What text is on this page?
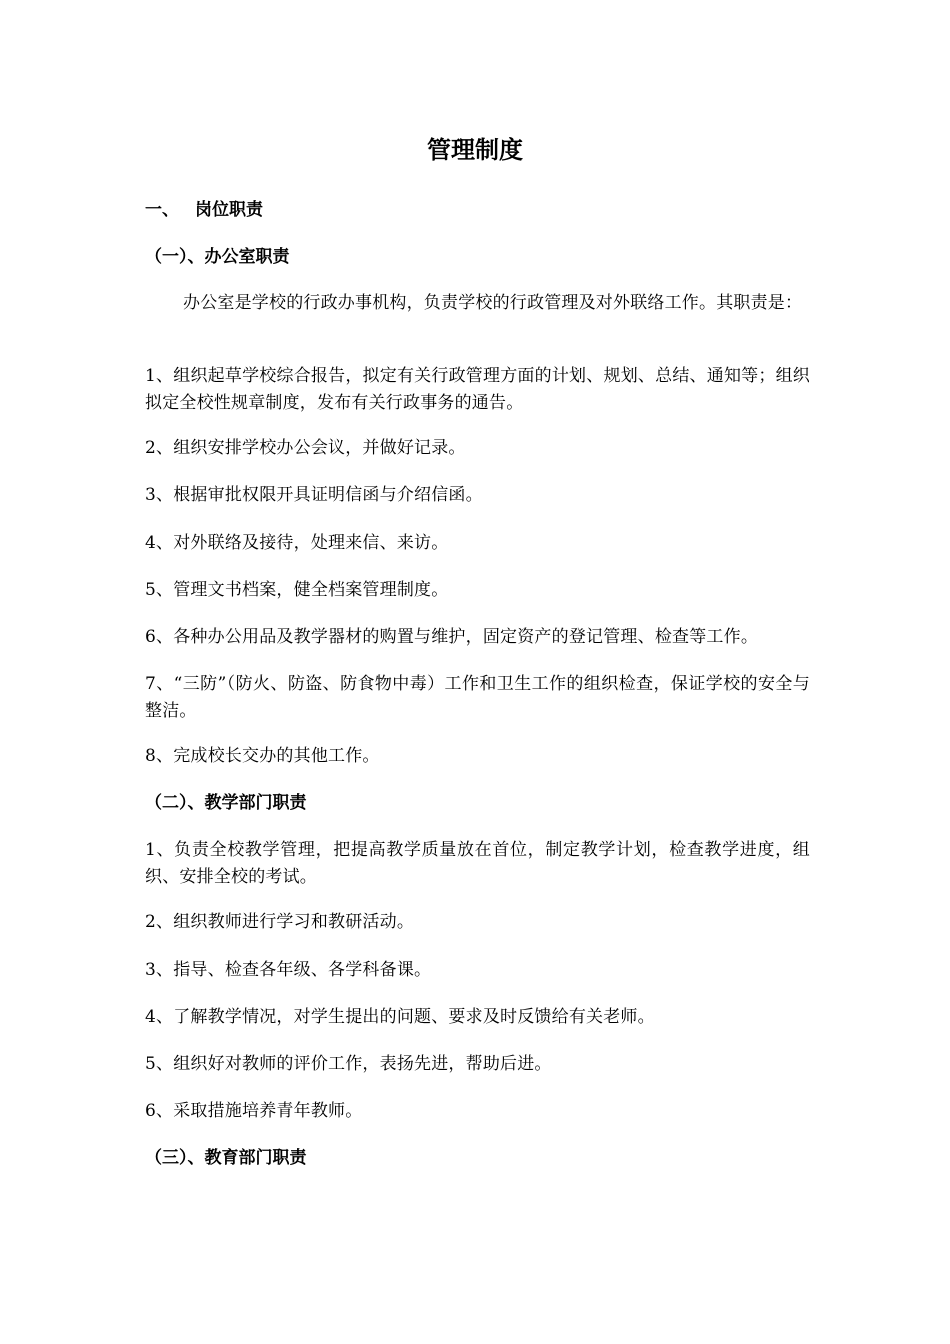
管理制度
一、 岗位职责
（一）、办公室职责

办公室是学校的行政办事机构，负责学校的行政管理及对外联络工作。其职责是：

1、组织起草学校综合报告，拟定有关行政管理方面的计划、规划、总结、通知等；组织拟定全校性规章制度，发布有关行政事务的通告。

2、组织安排学校办公会议，并做好记录。

3、根据审批权限开具证明信函与介绍信函。

4、对外联络及接待，处理来信、来访。

5、管理文书档案，健全档案管理制度。

6、各种办公用品及教学器材的购置与维护，固定资产的登记管理、检查等工作。

7、“三防”（防火、防盗、防食物中毒）工作和卫生工作的组织检查，保证学校的安全与整洁。

8、完成校长交办的其他工作。

（二）、教学部门职责

1、负责全校教学管理，把提高教学质量放在首位，制定教学计划，检查教学进度，组织、安排全校的考试。

2、组织教师进行学习和教研活动。

3、指导、检查各年级、各学科备课。

4、了解教学情况，对学生提出的问题、要求及时反馈给有关老师。

5、组织好对教师的评价工作，表扬先进，帮助后进。

6、采取措施培养青年教师。

（三）、教育部门职责
